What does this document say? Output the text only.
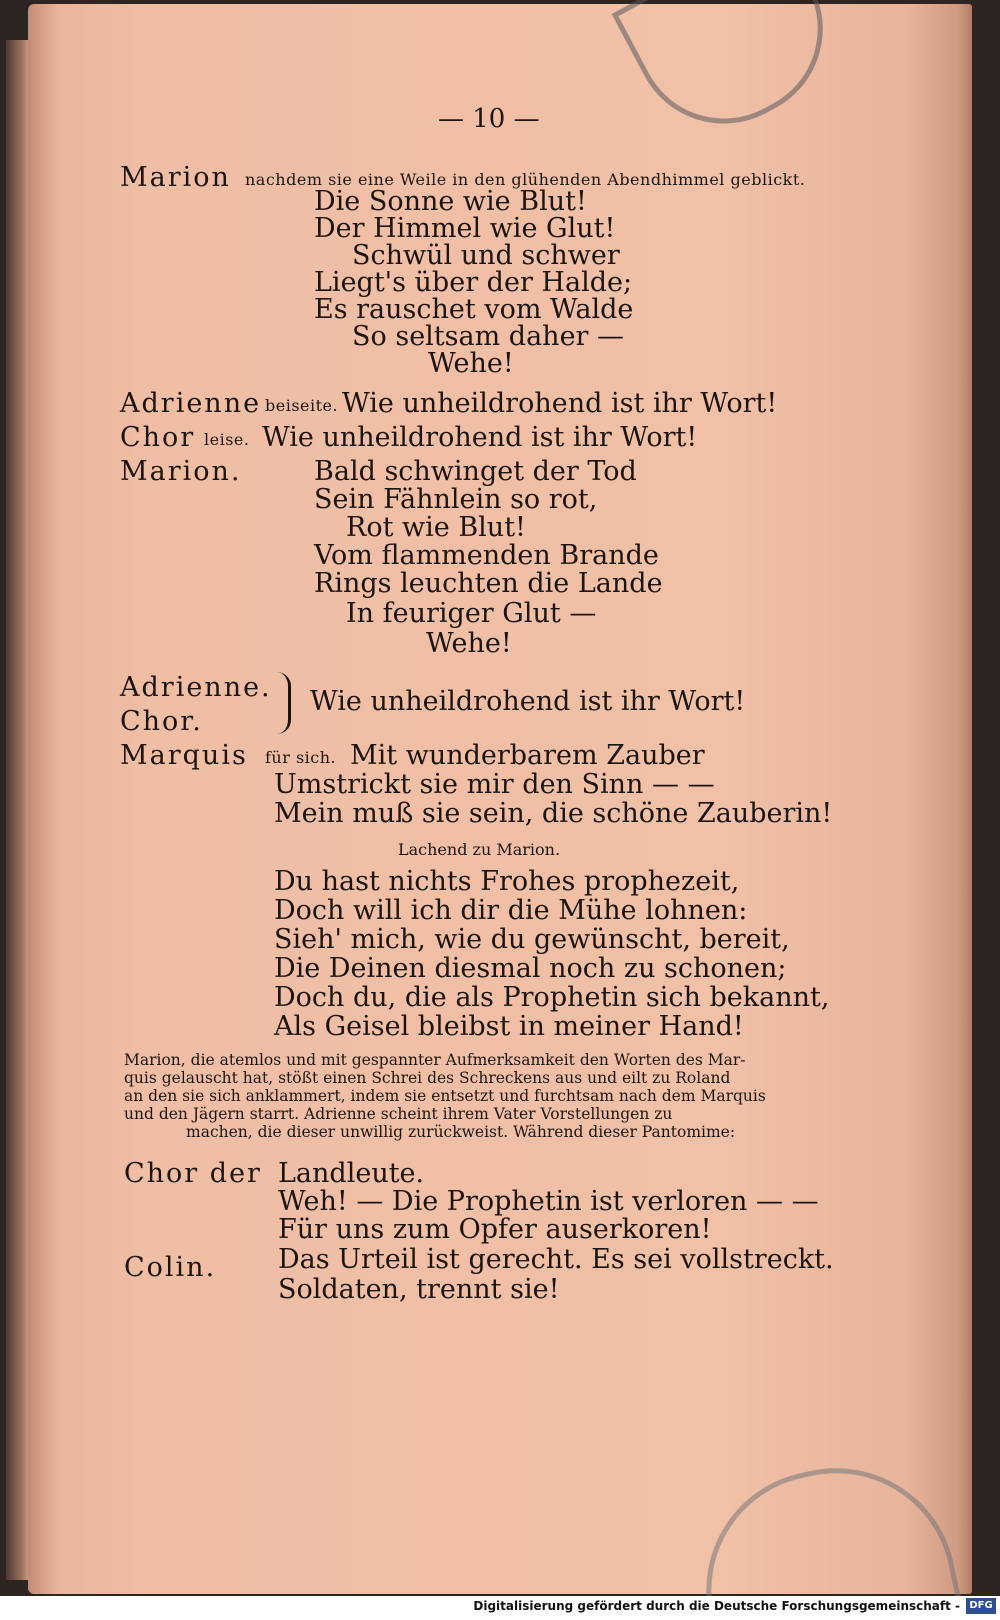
— 10 —
Marion nachdem sie eine Weile in den glühenden Abendhimmel geblickt.
Die Sonne wie Blut!
Der Himmel wie Glut!
Schwül und schwer
Liegt's über der Halde;
Es rauschet vom Walde
So seltsam daher —
Wehe!
Adrienne beiseite. Wie unheildrohend ist ihr Wort!
Chor leise. Wie unheildrohend ist ihr Wort!
Marion.	Bald schwinget der Tod
Sein Fähnlein so rot,
Rot wie Blut!
Vom flammenden Brande
Rings leuchten die Lande
In feuriger Glut —
Wehe!
Adrienne.
Chor.
Wie unheildrohend ist ihr Wort!
Marquis für sich. Mit wunderbarem Zauber
Umstrickt sie mir den Sinn — —
Mein muß sie sein, die schöne Zauberin!
Lachend zu Marion.
Du hast nichts Frohes prophezeit,
Doch will ich dir die Mühe lohnen:
Sieh' mich, wie du gewünscht, bereit,
Die Deinen diesmal noch zu schonen;
Doch du, die als Prophetin sich bekannt,
Als Geisel bleibst in meiner Hand!
Marion, die atemlos und mit gespannter Aufmerksamkeit den Worten des Mar-
quis gelauscht hat, stößt einen Schrei des Schreckens aus und eilt zu Roland
an den sie sich anklammert, indem sie entsetzt und furchtsam nach dem Marquis
und den Jägern starrt. Adrienne scheint ihrem Vater Vorstellungen zu
machen, die dieser unwillig zurückweist. Während dieser Pantomime:
Chor der Landleute.
Weh! — Die Prophetin ist verloren — —
Für uns zum Opfer auserkoren!
Colin. Das Urteil ist gerecht. Es sei vollstreckt.
Soldaten, trennt sie!
Digitalisierung gefördert durch die Deutsche Forschungsgemeinschaft - DFG
